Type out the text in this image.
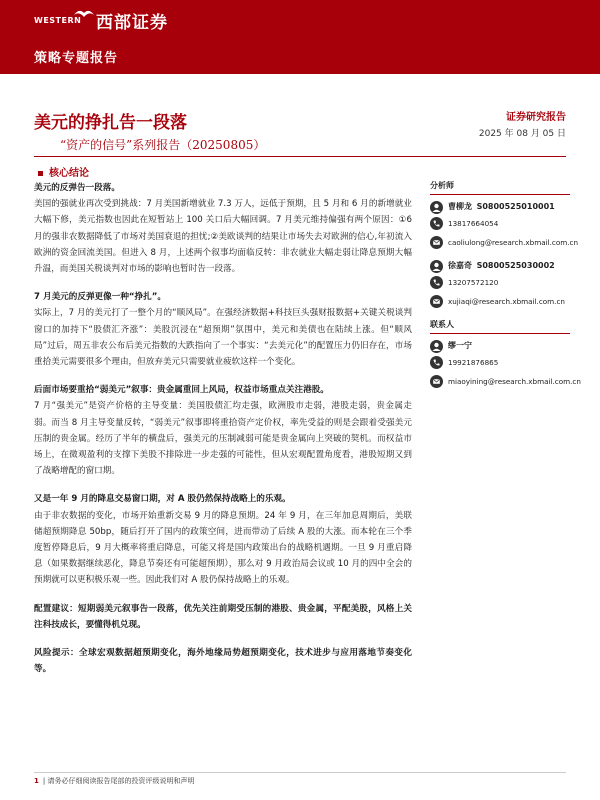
WESTERN 西部证券
策略专题报告
美元的挣扎告一段落
“资产的信号”系列报告（20250805）
证券研究报告
2025 年 08 月 05 日
核心结论

美元的反弹告一段落。

美国的强就业再次受到挑战：7 月美国新增就业 7.3 万人，远低于预期，且 5 月和 6 月的新增就业大幅下修，美元指数也因此在短暂站上 100 关口后大幅回调。7 月美元维持偏强有两个原因：①6 月的强非农数据降低了市场对美国衰退的担忧;②美欧谈判的结果让市场失去对欧洲的信心,年初流入欧洲的资金回流美国。但进入 8 月，上述两个叙事均面临反转：非农就业大幅走弱让降息预期大幅升温，而美国关税谈判对市场的影响也暂时告一段落。

7 月美元的反弹更像一种“挣扎”。

实际上，7 月的美元打了一整个月的“顺风局”。在强经济数据+科技巨头强财报数据+关键关税谈判窗口的加持下“股债汇齐涨”：美股沉浸在“超预期”氛围中，美元和美债也在陆续上涨。但“顺风局”过后，周五非农公布后美元指数的大跌指向了一个事实：“去美元化”的配置压力仍旧存在，市场重拾美元需要很多个理由，但放弃美元只需要就业疲软这样一个变化。

后面市场要重拾“弱美元”叙事：贵金属重回上风局，权益市场重点关注港股。

7 月“强美元”是资产价格的主导变量：美国股债汇均走强，欧洲股市走弱，港股走弱，贵金属走弱。而当 8 月主导变量反转，“弱美元”叙事即将重拾资产定价权，率先受益的则是会跟着受强美元压制的贵金属。经历了半年的横盘后，强美元的压制减弱可能是贵金属向上突破的契机。而权益市场上，在微观盈利的支撑下美股不排除进一步走强的可能性，但从宏观配置角度看，港股短期又到了战略增配的窗口期。

又是一年 9 月的降息交易窗口期，对 A 股仍然保持战略上的乐观。

由于非农数据的变化，市场开始重新交易 9 月的降息预期。24 年 9 月，在三年加息周期后，美联储超预期降息 50bp，随后打开了国内的政策空间，进而带动了后续 A 股的大涨。而本轮在三个季度暂停降息后，9 月大概率将重启降息，可能又将是国内政策出台的战略机遇期。一旦 9 月重启降息（如果数据继续恶化，降息节奏还有可能超预期），那么对 9 月政治局会议或 10 月的四中全会的预期就可以更积极乐观一些。因此我们对 A 股仍保持战略上的乐观。

配置建议：短期弱美元叙事告一段落，优先关注前期受压制的港股、贵金属，平配美股，风格上关注科技成长，要懂得机兑现。

风险提示：全球宏观数据超预期变化，海外地缘局势超预期变化，技术进步与应用落地节奏变化等。

分析师
曹柳龙 S0800525010001
13817664054
caoliulong@research.xbmail.com.cn
徐嘉奇 S0800525030002
13207572120
xujiaqi@research.xbmail.com.cn
联系人
缪一宁
19921876865
miaoyining@research.xbmail.com.cn
1 | 请务必仔细阅读报告尾部的投资评级说明和声明
